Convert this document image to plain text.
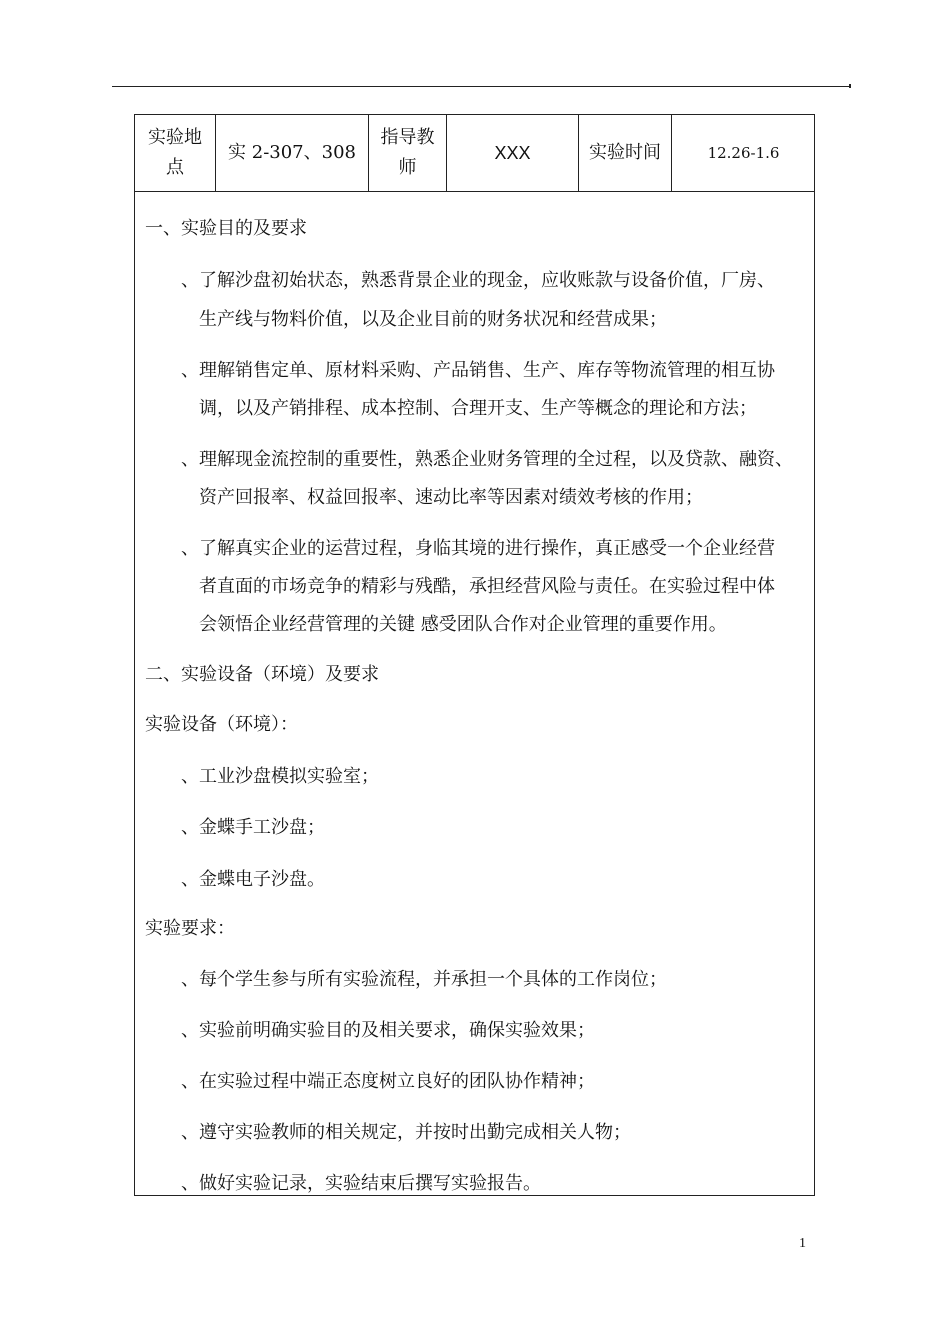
实验地点
实 2-307、308
指导教师
XXX	实验时间	12.26-1.6
一、实验目的及要求
、了解沙盘初始状态，熟悉背景企业的现金，应收账款与设备价值，厂房、
生产线与物料价值，以及企业目前的财务状况和经营成果；
、理解销售定单、原材料采购、产品销售、生产、库存等物流管理的相互协
调，以及产销排程、成本控制、合理开支、生产等概念的理论和方法；
、理解现金流控制的重要性，熟悉企业财务管理的全过程，以及贷款、融资、
资产回报率、权益回报率、速动比率等因素对绩效考核的作用；
、了解真实企业的运营过程，身临其境的进行操作，真正感受一个企业经营
者直面的市场竞争的精彩与残酷，承担经营风险与责任。在实验过程中体
会领悟企业经营管理的关键 感受团队合作对企业管理的重要作用。
二、实验设备（环境）及要求
实验设备（环境）：
、工业沙盘模拟实验室；
、金蝶手工沙盘；
、金蝶电子沙盘。
实验要求：
、每个学生参与所有实验流程，并承担一个具体的工作岗位；
、实验前明确实验目的及相关要求，确保实验效果；
、在实验过程中端正态度树立良好的团队协作精神；
、遵守实验教师的相关规定，并按时出勤完成相关人物；
、做好实验记录，实验结束后撰写实验报告。
1
